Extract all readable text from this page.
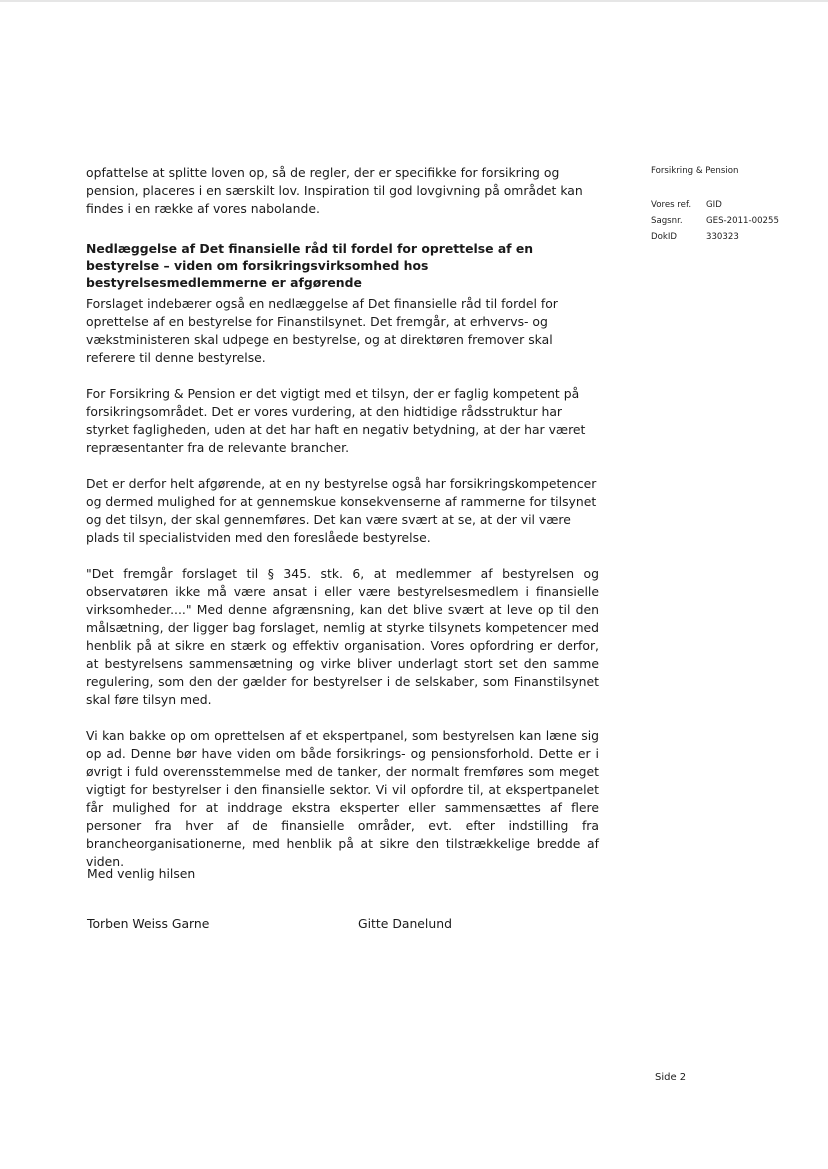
opfattelse at splitte loven op, så de regler, der er specifikke for forsikring og pension, placeres i en særskilt lov. Inspiration til god lovgivning på området kan findes i en række af vores nabolande.

Nedlæggelse af Det finansielle råd til fordel for oprettelse af en bestyrelse – viden om forsikringsvirksomhed hos bestyrelsesmedlemmerne er afgørende

Forslaget indebærer også en nedlæggelse af Det finansielle råd til fordel for oprettelse af en bestyrelse for Finanstilsynet. Det fremgår, at erhvervs- og vækstministeren skal udpege en bestyrelse, og at direktøren fremover skal referere til denne bestyrelse.

For Forsikring & Pension er det vigtigt med et tilsyn, der er faglig kompetent på forsikringsområdet. Det er vores vurdering, at den hidtidige rådsstruktur har styrket fagligheden, uden at det har haft en negativ betydning, at der har været repræsentanter fra de relevante brancher.

Det er derfor helt afgørende, at en ny bestyrelse også har forsikringskompetencer og dermed mulighed for at gennemskue konsekvenserne af rammerne for tilsynet og det tilsyn, der skal gennemføres. Det kan være svært at se, at der vil være plads til specialistviden med den foreslåede bestyrelse.

"Det fremgår forslaget til § 345. stk. 6, at medlemmer af bestyrelsen og observatøren ikke må være ansat i eller være bestyrelsesmedlem i finansielle virksomheder...." Med denne afgrænsning, kan det blive svært at leve op til den målsætning, der ligger bag forslaget, nemlig at styrke tilsynets kompetencer med henblik på at sikre en stærk og effektiv organisation. Vores opfordring er derfor, at bestyrelsens sammensætning og virke bliver underlagt stort set den samme regulering, som den der gælder for bestyrelser i de selskaber, som Finanstilsynet skal føre tilsyn med.

Vi kan bakke op om oprettelsen af et ekspertpanel, som bestyrelsen kan læne sig op ad. Denne bør have viden om både forsikrings- og pensionsforhold. Dette er i øvrigt i fuld overensstemmelse med de tanker, der normalt fremføres som meget vigtigt for bestyrelser i den finansielle sektor. Vi vil opfordre til, at ekspertpanelet får mulighed for at inddrage ekstra eksperter eller sammensættes af flere personer fra hver af de finansielle områder, evt. efter indstilling fra brancheorganisationerne, med henblik på at sikre den tilstrækkelige bredde af viden.

Med venlig hilsen
Torben Weiss Garne	Gitte Danelund
Forsikring & Pension
Vores ref.	GID
Sagsnr.	GES-2011-00255
DokID	330323
Side 2
